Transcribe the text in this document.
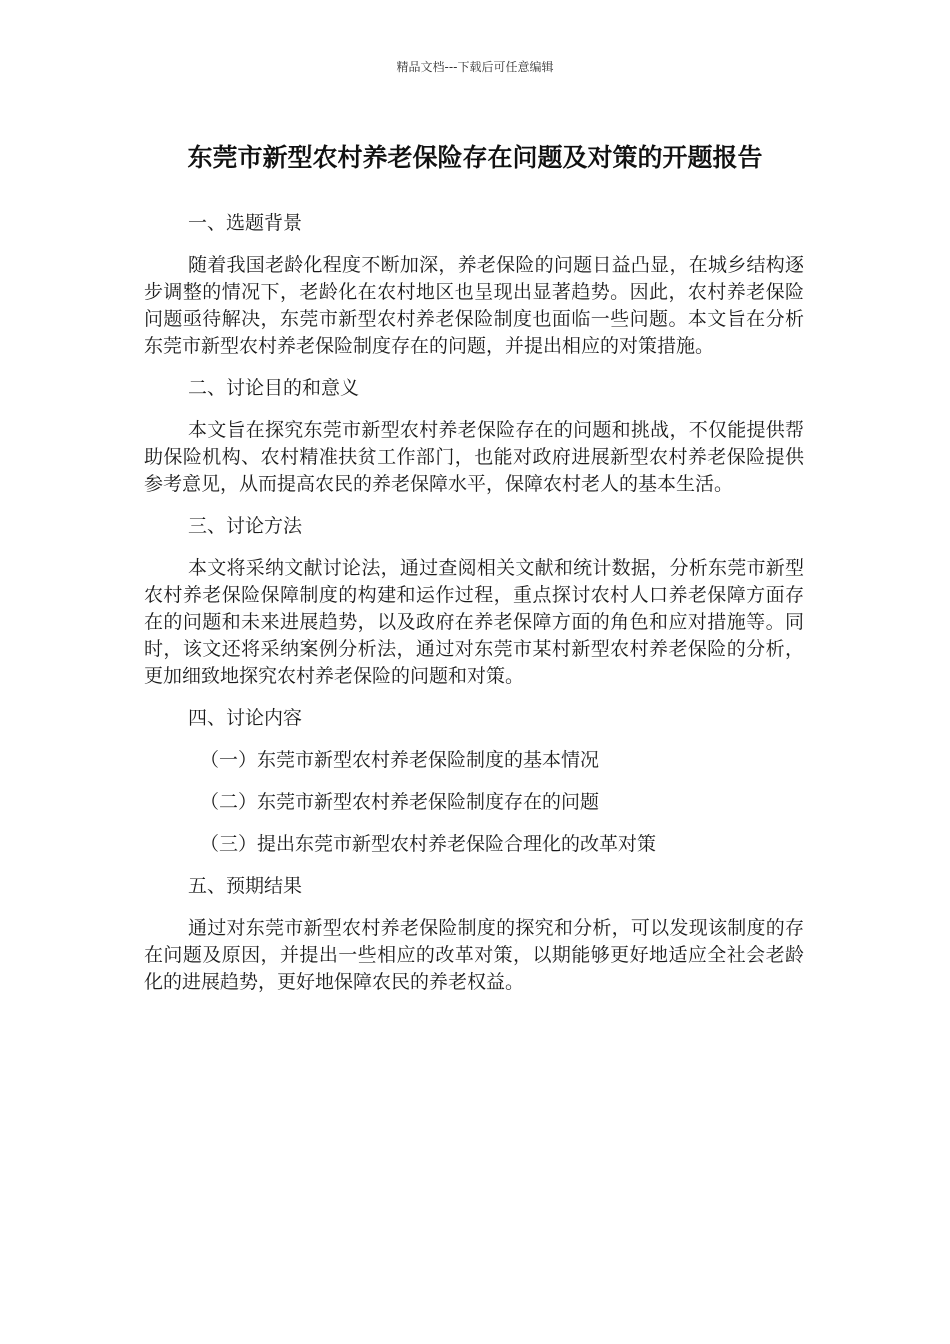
精品文档---下载后可任意编辑
东莞市新型农村养老保险存在问题及对策的开题报告

一、选题背景

随着我国老龄化程度不断加深，养老保险的问题日益凸显，在城乡结构逐步调整的情况下，老龄化在农村地区也呈现出显著趋势。因此，农村养老保险问题亟待解决，东莞市新型农村养老保险制度也面临一些问题。本文旨在分析东莞市新型农村养老保险制度存在的问题，并提出相应的对策措施。

二、讨论目的和意义

本文旨在探究东莞市新型农村养老保险存在的问题和挑战，不仅能提供帮助保险机构、农村精准扶贫工作部门，也能对政府进展新型农村养老保险提供参考意见，从而提高农民的养老保障水平，保障农村老人的基本生活。

三、讨论方法

本文将采纳文献讨论法，通过查阅相关文献和统计数据，分析东莞市新型农村养老保险保障制度的构建和运作过程，重点探讨农村人口养老保障方面存在的问题和未来进展趋势，以及政府在养老保障方面的角色和应对措施等。同时，该文还将采纳案例分析法，通过对东莞市某村新型农村养老保险的分析，更加细致地探究农村养老保险的问题和对策。

四、讨论内容

（一）东莞市新型农村养老保险制度的基本情况

（二）东莞市新型农村养老保险制度存在的问题

（三）提出东莞市新型农村养老保险合理化的改革对策

五、预期结果

通过对东莞市新型农村养老保险制度的探究和分析，可以发现该制度的存在问题及原因，并提出一些相应的改革对策，以期能够更好地适应全社会老龄化的进展趋势，更好地保障农民的养老权益。
